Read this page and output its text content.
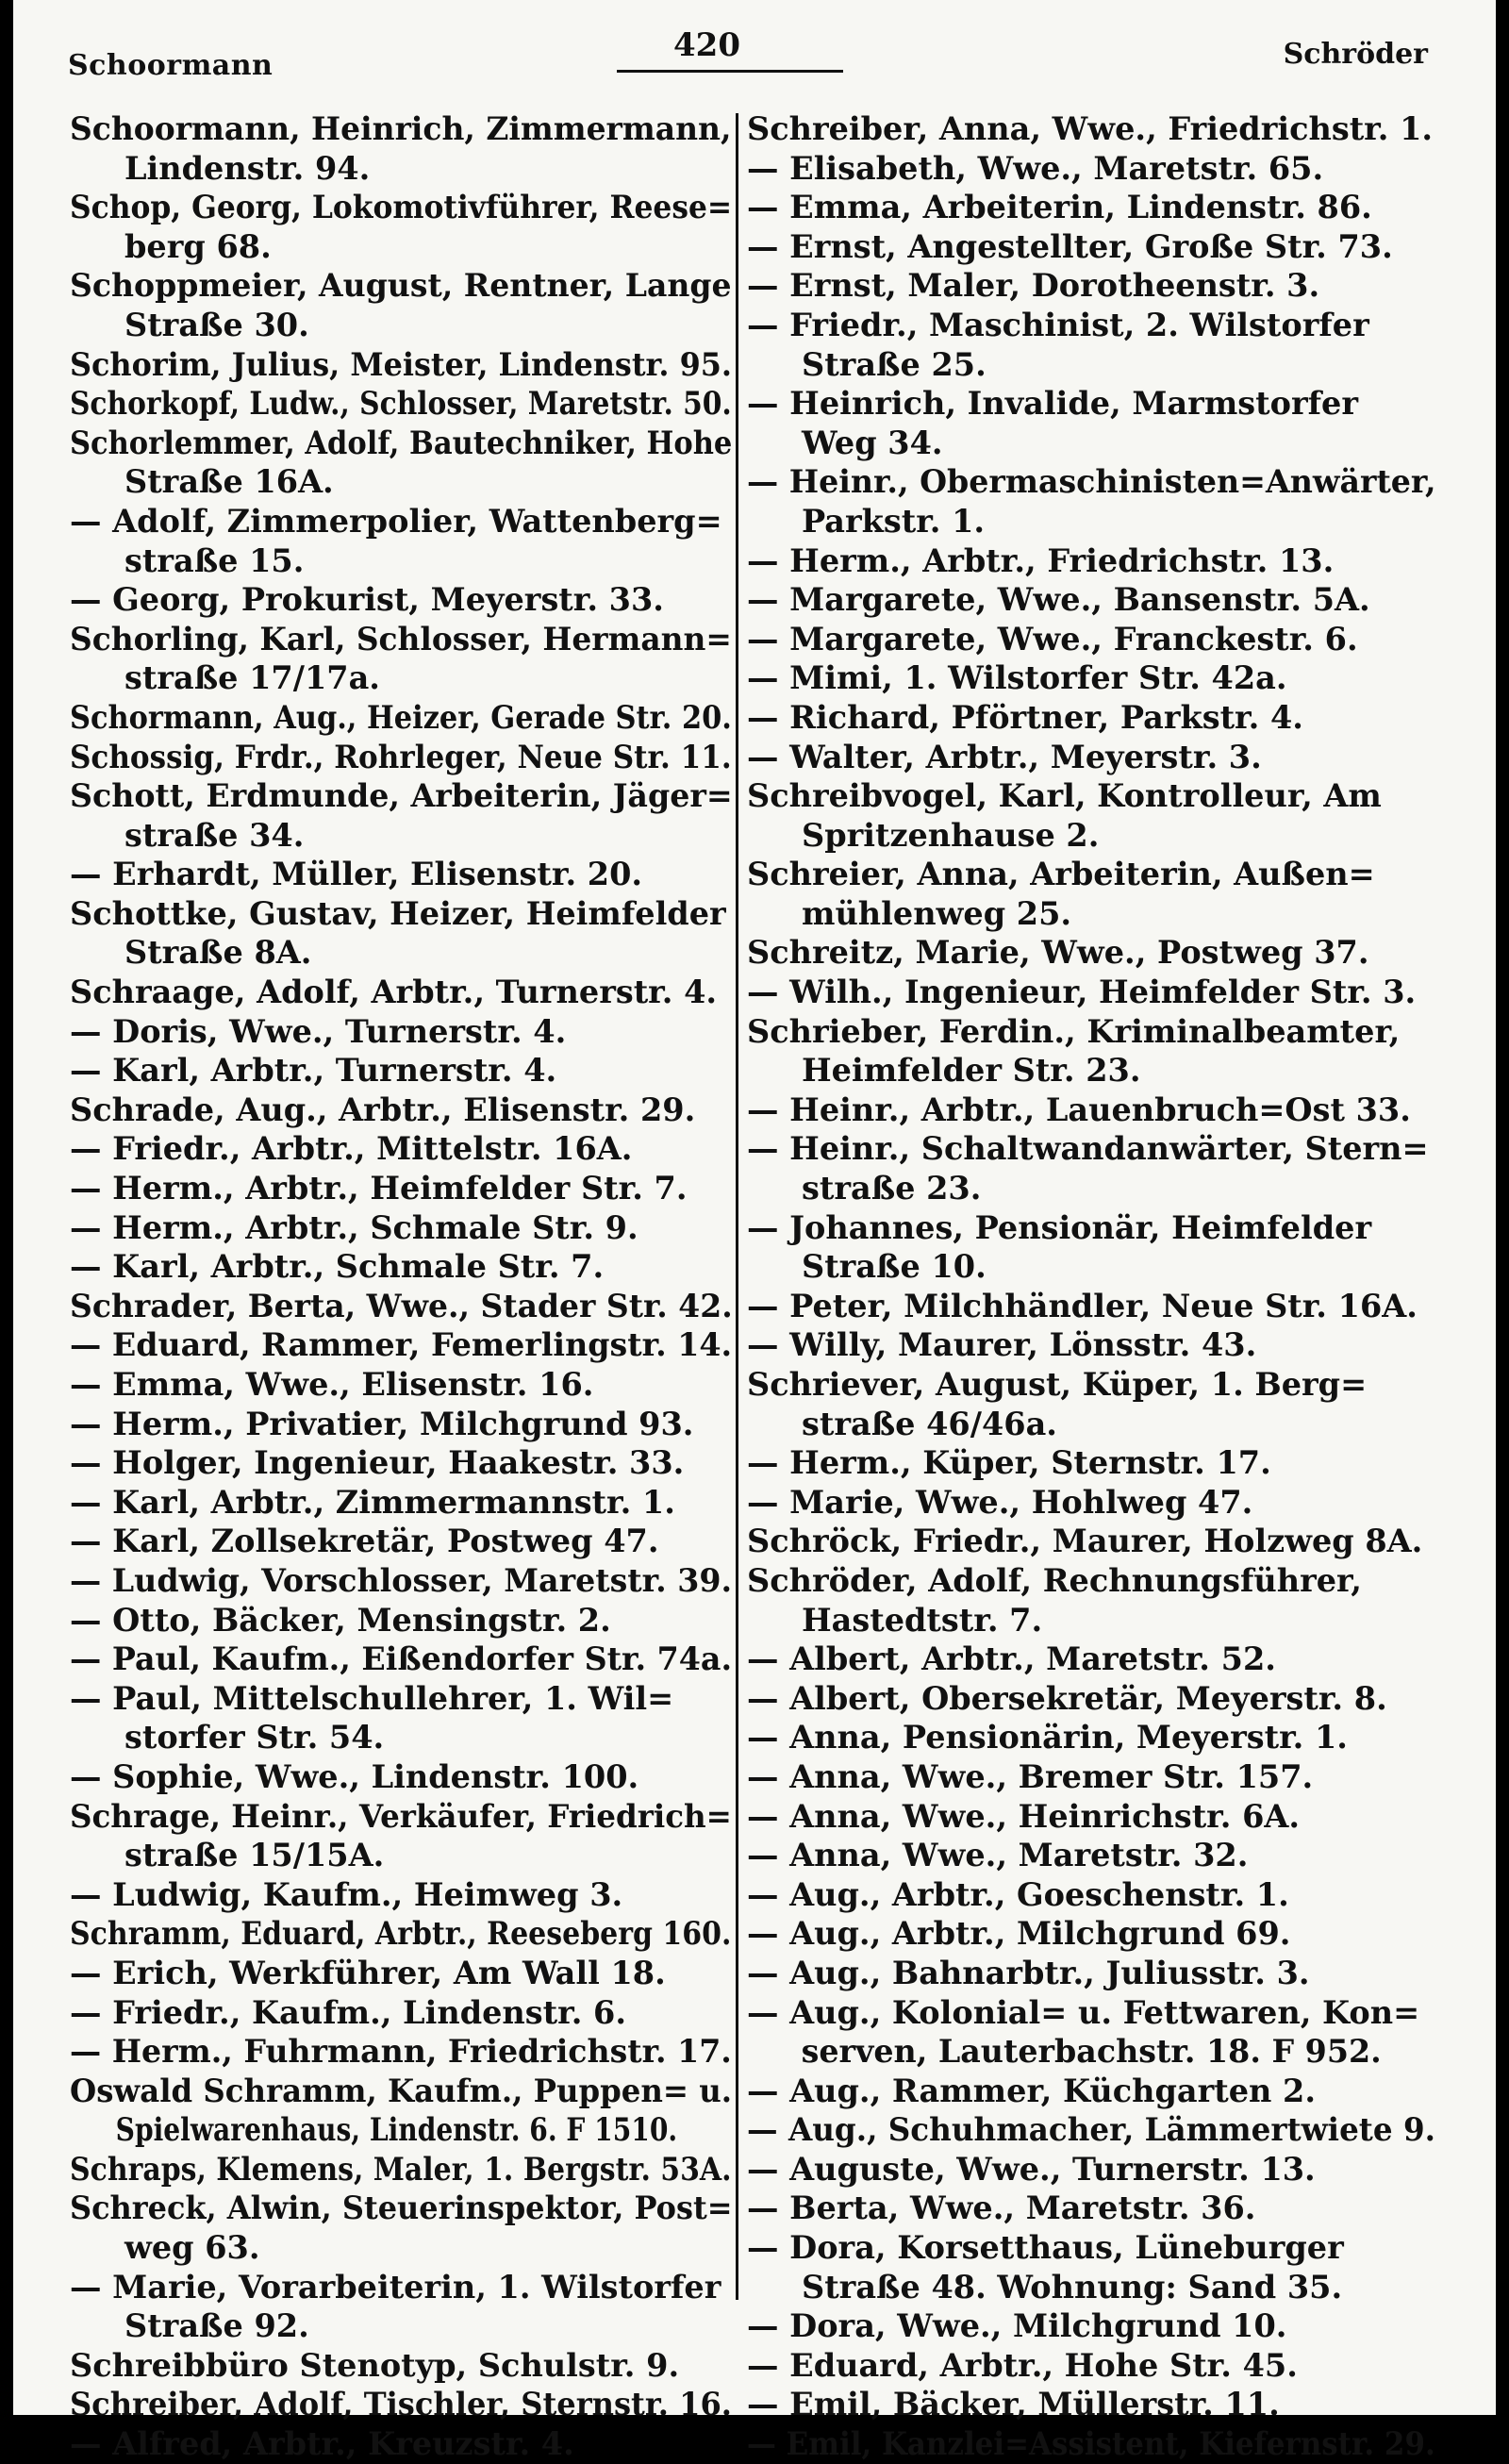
Schoormann
420	Schröder
Schoormann, Heinrich, Zimmermann,
Lindenstr. 94.
Schop, Georg, Lokomotivführer, Reese=
berg 68.
Schoppmeier, August, Rentner, Lange
Straße 30.
Schorim, Julius, Meister, Lindenstr. 95.
Schorkopf, Ludw., Schlosser, Maretstr. 50.
Schorlemmer, Adolf, Bautechniker, Hohe
Straße 16A.
— Adolf, Zimmerpolier, Wattenberg=
straße 15.
— Georg, Prokurist, Meyerstr. 33.
Schorling, Karl, Schlosser, Hermann=
straße 17/17a.
Schormann, Aug., Heizer, Gerade Str. 20.
Schossig, Frdr., Rohrleger, Neue Str. 11.
Schott, Erdmunde, Arbeiterin, Jäger=
straße 34.
— Erhardt, Müller, Elisenstr. 20.
Schottke, Gustav, Heizer, Heimfelder
Straße 8A.
Schraage, Adolf, Arbtr., Turnerstr. 4.
— Doris, Wwe., Turnerstr. 4.
— Karl, Arbtr., Turnerstr. 4.
Schrade, Aug., Arbtr., Elisenstr. 29.
— Friedr., Arbtr., Mittelstr. 16A.
— Herm., Arbtr., Heimfelder Str. 7.
— Herm., Arbtr., Schmale Str. 9.
— Karl, Arbtr., Schmale Str. 7.
Schrader, Berta, Wwe., Stader Str. 42.
— Eduard, Rammer, Femerlingstr. 14.
— Emma, Wwe., Elisenstr. 16.
— Herm., Privatier, Milchgrund 93.
— Holger, Ingenieur, Haakestr. 33.
— Karl, Arbtr., Zimmermannstr. 1.
— Karl, Zollsekretär, Postweg 47.
— Ludwig, Vorschlosser, Maretstr. 39.
— Otto, Bäcker, Mensingstr. 2.
— Paul, Kaufm., Eißendorfer Str. 74a.
— Paul, Mittelschullehrer, 1. Wil=
storfer Str. 54.
— Sophie, Wwe., Lindenstr. 100.
Schrage, Heinr., Verkäufer, Friedrich=
straße 15/15A.
— Ludwig, Kaufm., Heimweg 3.
Schramm, Eduard, Arbtr., Reeseberg 160.
— Erich, Werkführer, Am Wall 18.
— Friedr., Kaufm., Lindenstr. 6.
— Herm., Fuhrmann, Friedrichstr. 17.
Oswald Schramm, Kaufm., Puppen= u.
Spielwarenhaus, Lindenstr. 6. F 1510.
Schraps, Klemens, Maler, 1. Bergstr. 53A.
Schreck, Alwin, Steuerinspektor, Post=
weg 63.
— Marie, Vorarbeiterin, 1. Wilstorfer
Straße 92.
Schreibbüro Stenotyp, Schulstr. 9.
Schreiber, Adolf, Tischler, Sternstr. 16.
— Alfred, Arbtr., Kreuzstr. 4.
Schreiber, Anna, Wwe., Friedrichstr. 1.
— Elisabeth, Wwe., Maretstr. 65.
— Emma, Arbeiterin, Lindenstr. 86.
— Ernst, Angestellter, Große Str. 73.
— Ernst, Maler, Dorotheenstr. 3.
— Friedr., Maschinist, 2. Wilstorfer
Straße 25.
— Heinrich, Invalide, Marmstorfer
Weg 34.
— Heinr., Obermaschinisten=Anwärter,
Parkstr. 1.
— Herm., Arbtr., Friedrichstr. 13.
— Margarete, Wwe., Bansenstr. 5A.
— Margarete, Wwe., Franckestr. 6.
— Mimi, 1. Wilstorfer Str. 42a.
— Richard, Pförtner, Parkstr. 4.
— Walter, Arbtr., Meyerstr. 3.
Schreibvogel, Karl, Kontrolleur, Am
Spritzenhause 2.
Schreier, Anna, Arbeiterin, Außen=
mühlenweg 25.
Schreitz, Marie, Wwe., Postweg 37.
— Wilh., Ingenieur, Heimfelder Str. 3.
Schrieber, Ferdin., Kriminalbeamter,
Heimfelder Str. 23.
— Heinr., Arbtr., Lauenbruch=Ost 33.
— Heinr., Schaltwandanwärter, Stern=
straße 23.
— Johannes, Pensionär, Heimfelder
Straße 10.
— Peter, Milchhändler, Neue Str. 16A.
— Willy, Maurer, Lönsstr. 43.
Schriever, August, Küper, 1. Berg=
straße 46/46a.
— Herm., Küper, Sternstr. 17.
— Marie, Wwe., Hohlweg 47.
Schröck, Friedr., Maurer, Holzweg 8A.
Schröder, Adolf, Rechnungsführer,
Hastedtstr. 7.
— Albert, Arbtr., Maretstr. 52.
— Albert, Obersekretär, Meyerstr. 8.
— Anna, Pensionärin, Meyerstr. 1.
— Anna, Wwe., Bremer Str. 157.
— Anna, Wwe., Heinrichstr. 6A.
— Anna, Wwe., Maretstr. 32.
— Aug., Arbtr., Goeschenstr. 1.
— Aug., Arbtr., Milchgrund 69.
— Aug., Bahnarbtr., Juliusstr. 3.
— Aug., Kolonial= u. Fettwaren, Kon=
serven, Lauterbachstr. 18. F 952.
— Aug., Rammer, Küchgarten 2.
— Aug., Schuhmacher, Lämmertwiete 9.
— Auguste, Wwe., Turnerstr. 13.
— Berta, Wwe., Maretstr. 36.
— Dora, Korsetthaus, Lüneburger
Straße 48. Wohnung: Sand 35.
— Dora, Wwe., Milchgrund 10.
— Eduard, Arbtr., Hohe Str. 45.
— Emil, Bäcker, Müllerstr. 11.
— Emil, Kanzlei=Assistent, Kiefernstr. 29.
